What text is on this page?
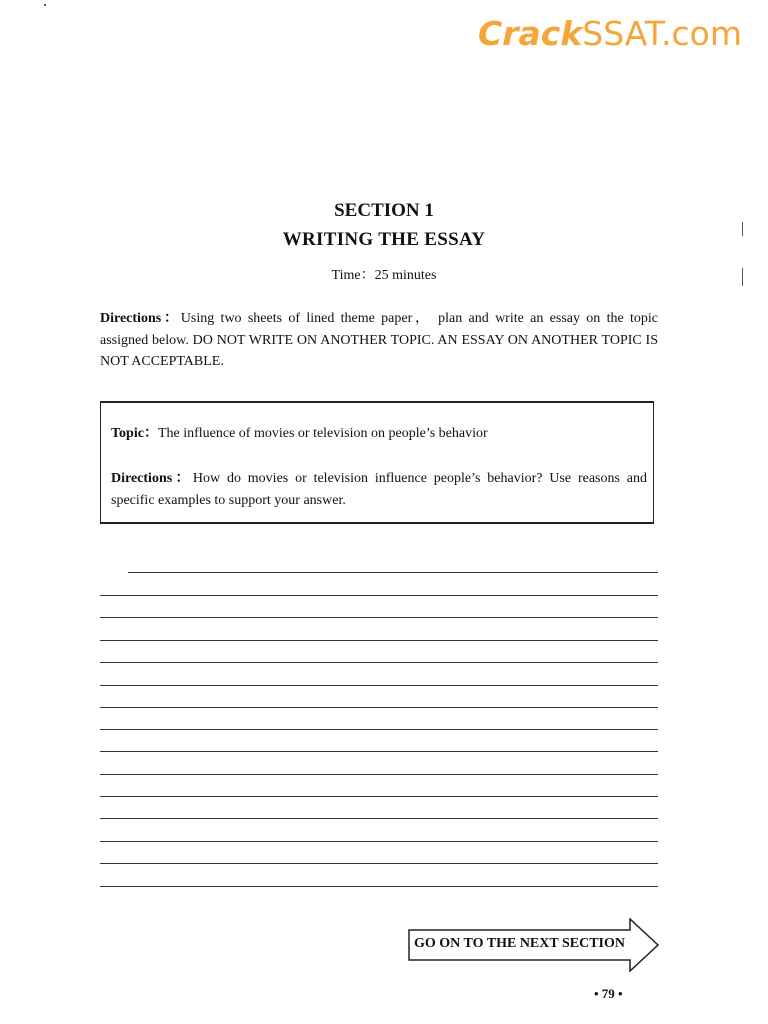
CrackSSAT.com
SECTION 1
WRITING THE ESSAY
Time：25 minutes
Directions：Using two sheets of lined theme paper， plan and write an essay on the topic assigned below. DO NOT WRITE ON ANOTHER TOPIC. AN ESSAY ON ANOTHER TOPIC IS NOT ACCEPTABLE.
Topic：The influence of movies or television on people’s behavior
Directions：How do movies or television influence people’s behavior? Use reasons and specific examples to support your answer.
GO ON TO THE NEXT SECTION
• 79 •
